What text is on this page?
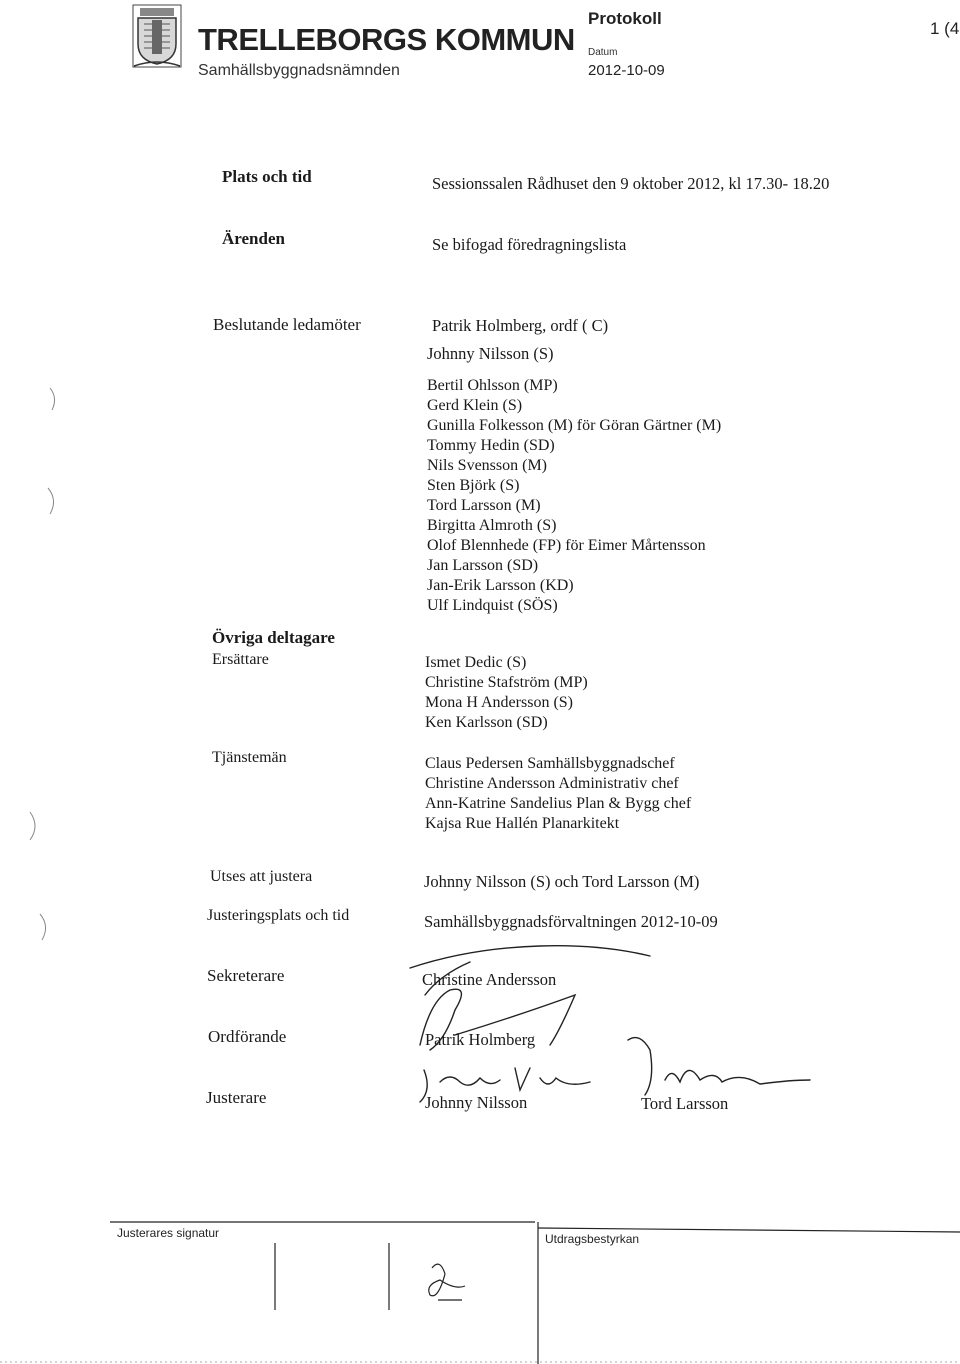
TRELLEBORGS KOMMUN
Samhällsbyggnadsnämnden
Protokoll
1 (4
Datum
2012-10-09
Plats och tid	Sessionssalen Rådhuset den 9 oktober 2012, kl 17.30- 18.20
Ärenden	Se bifogad föredragningslista
Beslutande ledamöter	Patrik Holmberg, ordf ( C)
Johnny Nilsson (S)
Bertil Ohlsson (MP)
Gerd Klein (S)
Gunilla Folkesson (M) för Göran Gärtner (M)
Tommy Hedin (SD)
Nils Svensson (M)
Sten Björk (S)
Tord Larsson (M)
Birgitta Almroth (S)
Olof Blennhede (FP) för Eimer Mårtensson
Jan Larsson (SD)
Jan-Erik Larsson (KD)
Ulf Lindquist (SÖS)
Övriga deltagare
Ersättare	Ismet Dedic (S)
Christine Stafström (MP)
Mona H Andersson (S)
Ken Karlsson (SD)
Tjänstemän	Claus Pedersen Samhällsbyggnadschef
Christine Andersson Administrativ chef
Ann-Katrine Sandelius Plan & Bygg chef
Kajsa Rue Hallén Planarkitekt
Utses att justera	Johnny Nilsson (S) och Tord Larsson (M)
Justeringsplats och tid	Samhällsbyggnadsförvaltningen 2012-10-09
Sekreterare	Christine Andersson
Ordförande	Patrik Holmberg
Justerare	Johnny Nilsson	Tord Larsson
Justerares signatur	Utdragsbestyrkan
